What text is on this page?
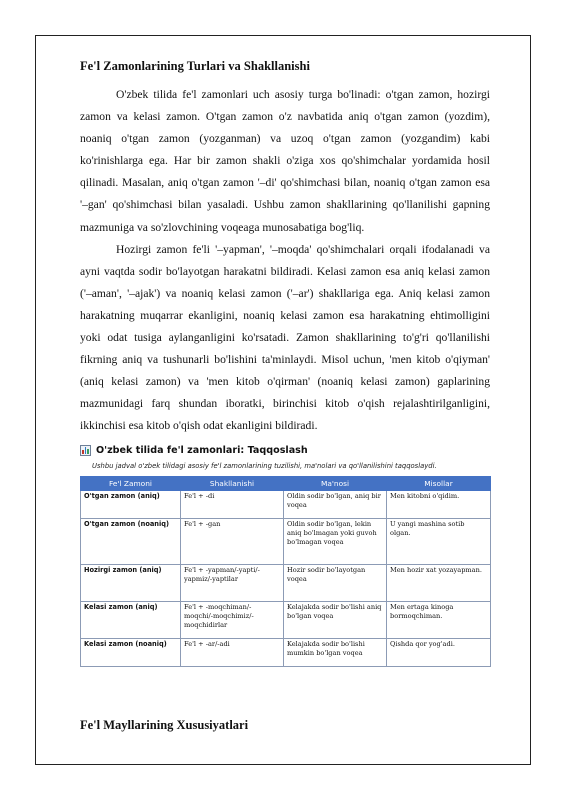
Fe'l Zamonlarining Turlari va Shakllanishi

O'zbek tilida fe'l zamonlari uch asosiy turga bo'linadi: o'tgan zamon, hozirgi zamon va kelasi zamon. O'tgan zamon o'z navbatida aniq o'tgan zamon (yozdim), noaniq o'tgan zamon (yozganman) va uzoq o'tgan zamon (yozgandim) kabi ko'rinishlarga ega. Har bir zamon shakli o'ziga xos qo'shimchalar yordamida hosil qilinadi. Masalan, aniq o'tgan zamon '–di' qo'shimchasi bilan, noaniq o'tgan zamon esa '–gan' qo'shimchasi bilan yasaladi. Ushbu zamon shakllarining qo'llanilishi gapning mazmuniga va so'zlovchining voqeaga munosabatiga bog'liq.

Hozirgi zamon fe'li '–yapman', '–moqda' qo'shimchalari orqali ifodalanadi va ayni vaqtda sodir bo'layotgan harakatni bildiradi. Kelasi zamon esa aniq kelasi zamon ('–aman', '–ajak') va noaniq kelasi zamon ('–ar') shakllariga ega. Aniq kelasi zamon harakatning muqarrar ekanligini, noaniq kelasi zamon esa harakatning ehtimolligini yoki odat tusiga aylanganligini ko'rsatadi. Zamon shakllarining to'g'ri qo'llanilishi fikrning aniq va tushunarli bo'lishini ta'minlaydi. Misol uchun, 'men kitob o'qiyman' (aniq kelasi zamon) va 'men kitob o'qirman' (noaniq kelasi zamon) gaplarining mazmunidagi farq shundan iboratki, birinchisi kitob o'qish rejalashtirilganligini, ikkinchisi esa kitob o'qish odat ekanligini bildiradi.

O'zbek tilida fe'l zamonlari: Taqqoslash
Ushbu jadval o'zbek tilidagi asosiy fe'l zamonlarining tuzilishi, ma'nolari va qo'llanilishini taqqoslaydi.
Fe'l Zamoni	Shakllanishi	Ma'nosi	Misollar
O'tgan zamon (aniq)	Fe'l + -di	Oldin sodir bo'lgan, aniq bir voqea	Men kitobni o'qidim.
O'tgan zamon (noaniq)	Fe'l + -gan	Oldin sodir bo'lgan, lekin aniq bo'lmagan yoki guvoh bo'lmagan voqea	U yangi mashina sotib olgan.
Hozirgi zamon (aniq)	Fe'l + -yapman/-yapti/-yapmiz/-yaptilar	Hozir sodir bo'layotgan voqea	Men hozir xat yozayapman.
Kelasi zamon (aniq)	Fe'l + -moqchiman/-moqchi/-moqchimiz/-moqchidirlar	Kelajakda sodir bo'lishi aniq bo'lgan voqea	Men ertaga kinoga bormoqchiman.
Kelasi zamon (noaniq)	Fe'l + -ar/-adi	Kelajakda sodir bo'lishi mumkin bo'lgan voqea	Qishda qor yog'adi.
Fe'l Mayllarining Xususiyatlari
